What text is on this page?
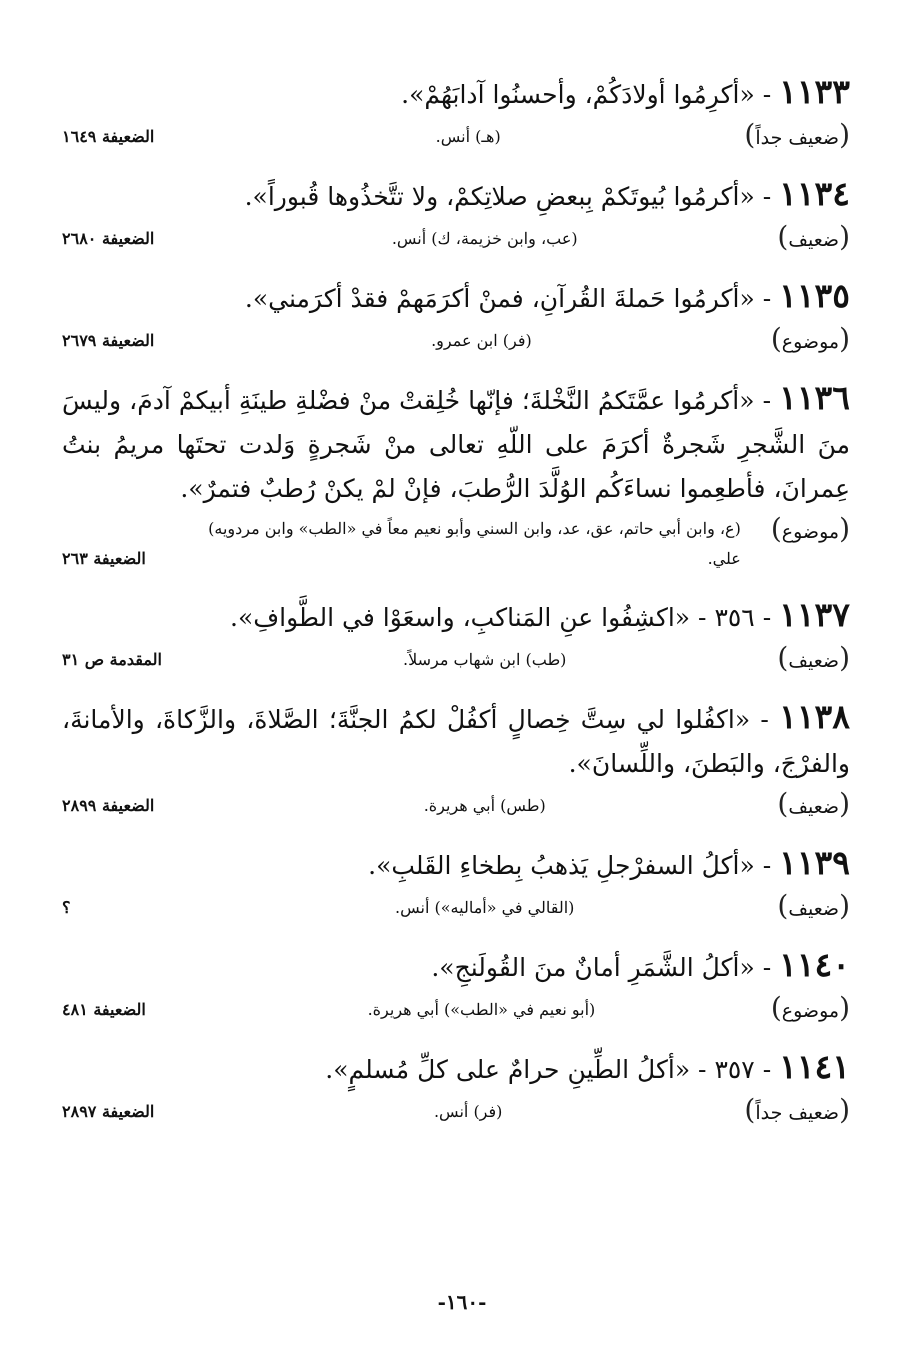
١١٣٣ - «أكرِمُوا أولادَكُمْ، وأحسنُوا آدابَهُمْ».

(ضعيف جداً)
(هـ) أنس.
الضعيفة ١٦٤٩

١١٣٤ - «أكرمُوا بُيوتَكمْ بِبعضِ صلاتِكمْ، ولا تتَّخذُوها قُبوراً».

(ضعيف)
(عب، وابن خزيمة، ك) أنس.
الضعيفة ٢٦٨٠

١١٣٥ - «أكرمُوا حَملةَ القُرآنِ، فمنْ أكرَمَهمْ فقدْ أكرَمني».

(موضوع)
(فر) ابن عمرو.
الضعيفة ٢٦٧٩

١١٣٦ - «أكرمُوا عمَّتَكمُ النَّخْلةَ؛ فإنّها خُلِقتْ منْ فضْلةِ طينَةِ أبيكمْ آدمَ، وليسَ منَ الشَّجرِ شَجرةٌ أكرَمَ على اللّهِ تعالى منْ شَجرةٍ وَلدت تحتَها مريمُ بنتُ عِمرانَ، فأطعِموا نساءَكُم الوُلَّدَ الرُّطبَ، فإنْ لمْ يكنْ رُطبٌ فتمرٌ».

(موضوع)
(ع، وابن أبي حاتم، عق، عد، وابن السني وأبو نعيم معاً في «الطب» وابن مردويه) علي.
الضعيفة ٢٦٣

١١٣٧ - ٣٥٦ - «اكشِفُوا عنِ المَناكبِ، واسعَوْا في الطَّوافِ».

(ضعيف)
(طب) ابن شهاب مرسلاً.
المقدمة ص ٣١

١١٣٨ - «اكفُلوا لي سِتَّ خِصالٍ أكفُلْ لكمُ الجنَّةَ؛ الصَّلاةَ، والزَّكاةَ، والأمانةَ، والفرْجَ، والبَطنَ، واللِّسانَ».

(ضعيف)
(طس) أبي هريرة.
الضعيفة ٢٨٩٩

١١٣٩ - «أكلُ السفرْجلِ يَذهبُ بِطخاءِ القَلبِ».

(ضعيف)
(القالي في «أماليه») أنس.
؟

١١٤٠ - «أكلُ الشَّمَرِ أمانٌ منَ القُولَنجِ».

(موضوع)
(أبو نعيم في «الطب») أبي هريرة.
الضعيفة ٤٨١

١١٤١ - ٣٥٧ - «أكلُ الطِّينِ حرامٌ على كلِّ مُسلمٍ».

(ضعيف جداً)
(فر) أنس.
الضعيفة ٢٨٩٧
-١٦٠-
